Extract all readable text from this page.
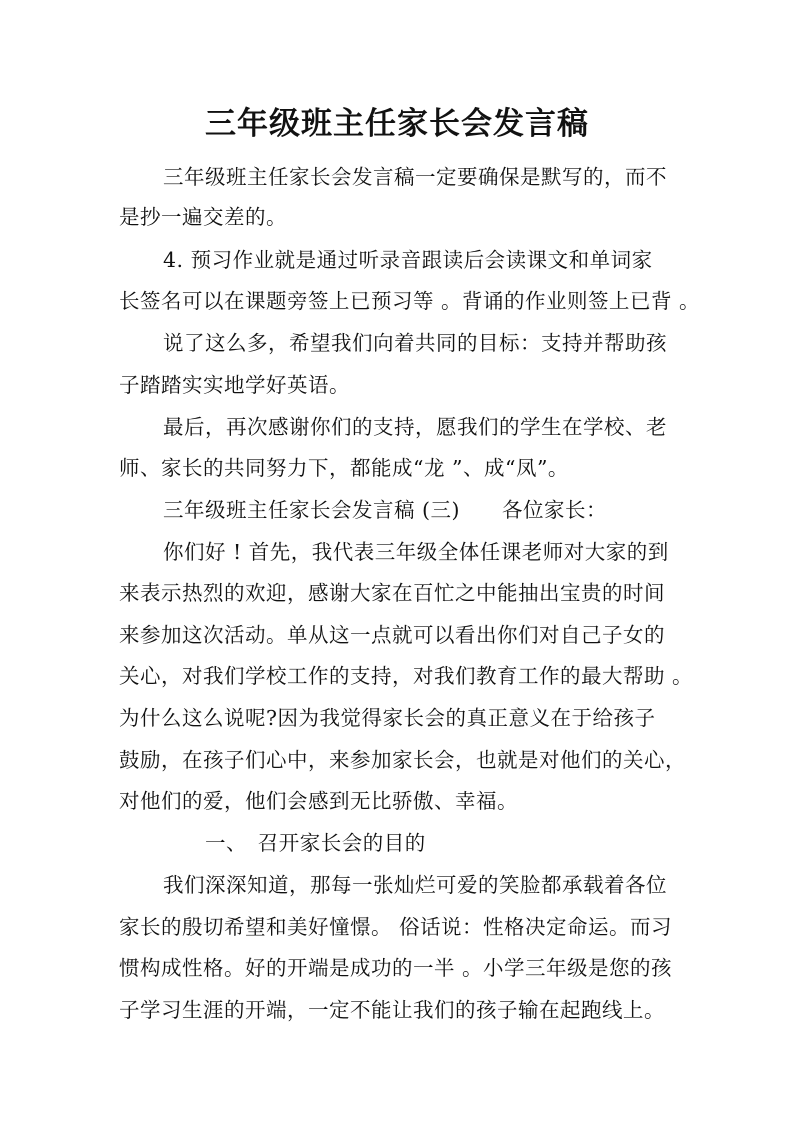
三年级班主任家长会发言稿
三年级班主任家长会发言稿一定要确保是默写的，而不
是抄一遍交差的。
4. 预习作业就是通过听录音跟读后会读课文和单词家
长签名可以在课题旁签上已预习等 。背诵的作业则签上已背 。
说了这么多，希望我们向着共同的目标：支持并帮助孩
子踏踏实实地学好英语。
最后，再次感谢你们的支持，愿我们的学生在学校、老
师、家长的共同努力下，都能成“龙 ”、成“凤”。
三年级班主任家长会发言稿 (三)　　各位家长：
你们好 ! 首先，我代表三年级全体任课老师对大家的到
来表示热烈的欢迎，感谢大家在百忙之中能抽出宝贵的时间
来参加这次活动。单从这一点就可以看出你们对自己子女的
关心，对我们学校工作的支持，对我们教育工作的最大帮助 。
为什么这么说呢?因为我觉得家长会的真正意义在于给孩子
鼓励，在孩子们心中，来参加家长会，也就是对他们的关心，
对他们的爱，他们会感到无比骄傲、幸福。
一、　召开家长会的目的
我们深深知道，那每一张灿烂可爱的笑脸都承载着各位
家长的殷切希望和美好憧憬。 俗话说：性格决定命运。而习
惯构成性格。好的开端是成功的一半 。小学三年级是您的孩
子学习生涯的开端，一定不能让我们的孩子输在起跑线上。
